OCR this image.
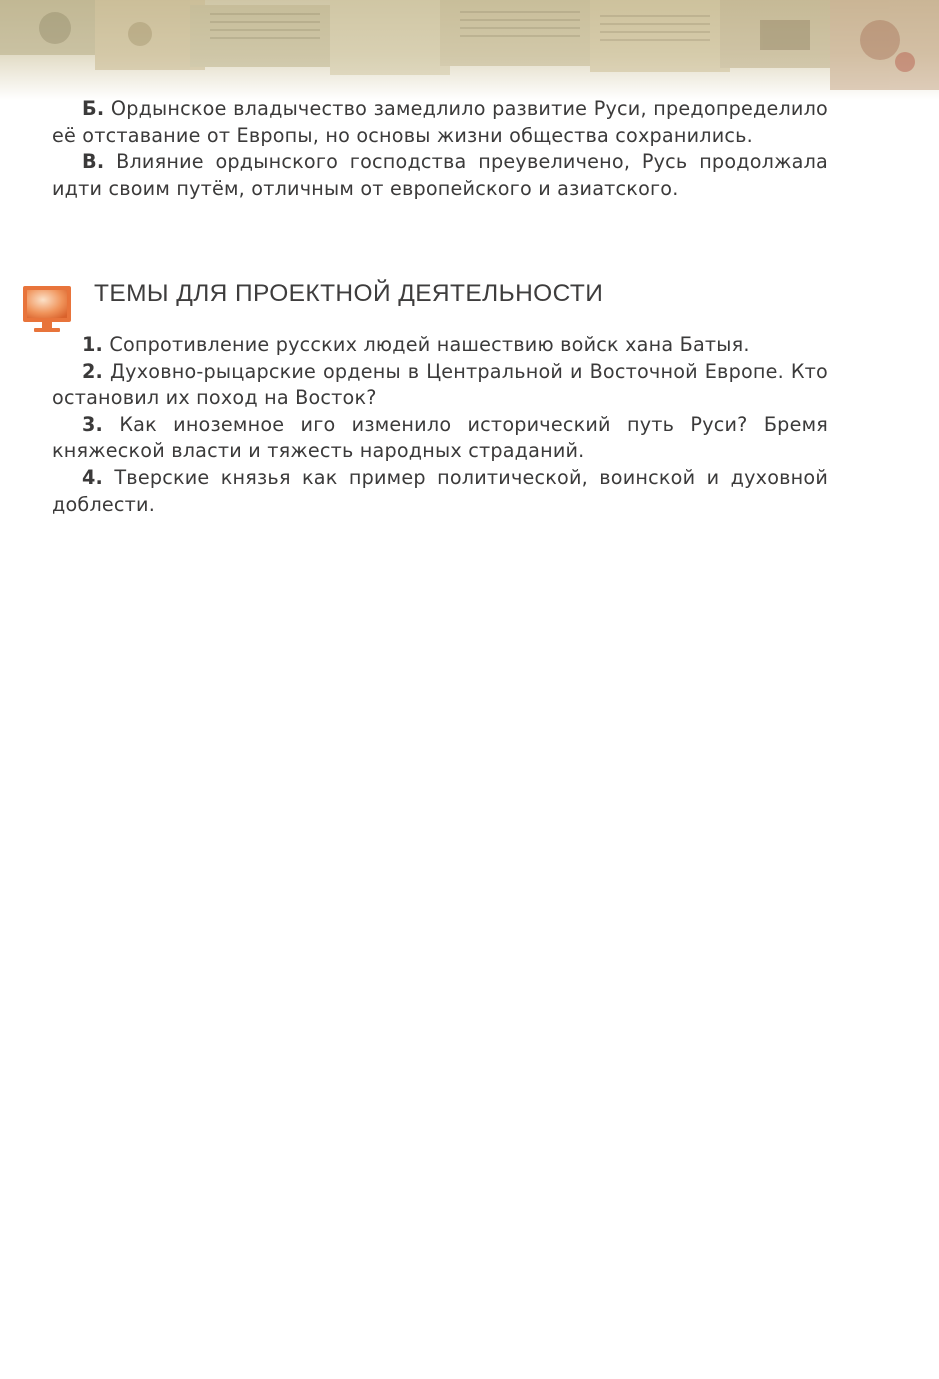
Б. Ордынское владычество замедлило развитие Руси, предопределило её отставание от Европы, но основы жизни общества сохранились.

В. Влияние ордынского господства преувеличено, Русь продолжала идти своим путём, отличным от европейского и азиатского.

ТЕМЫ ДЛЯ ПРОЕКТНОЙ ДЕЯТЕЛЬНОСТИ

1. Сопротивление русских людей нашествию войск хана Батыя.

2. Духовно-рыцарские ордены в Центральной и Восточной Европе. Кто остановил их поход на Восток?

3. Как иноземное иго изменило исторический путь Руси? Бремя княжеской власти и тяжесть народных страданий.

4. Тверские князья как пример политической, воинской и духовной доблести.
